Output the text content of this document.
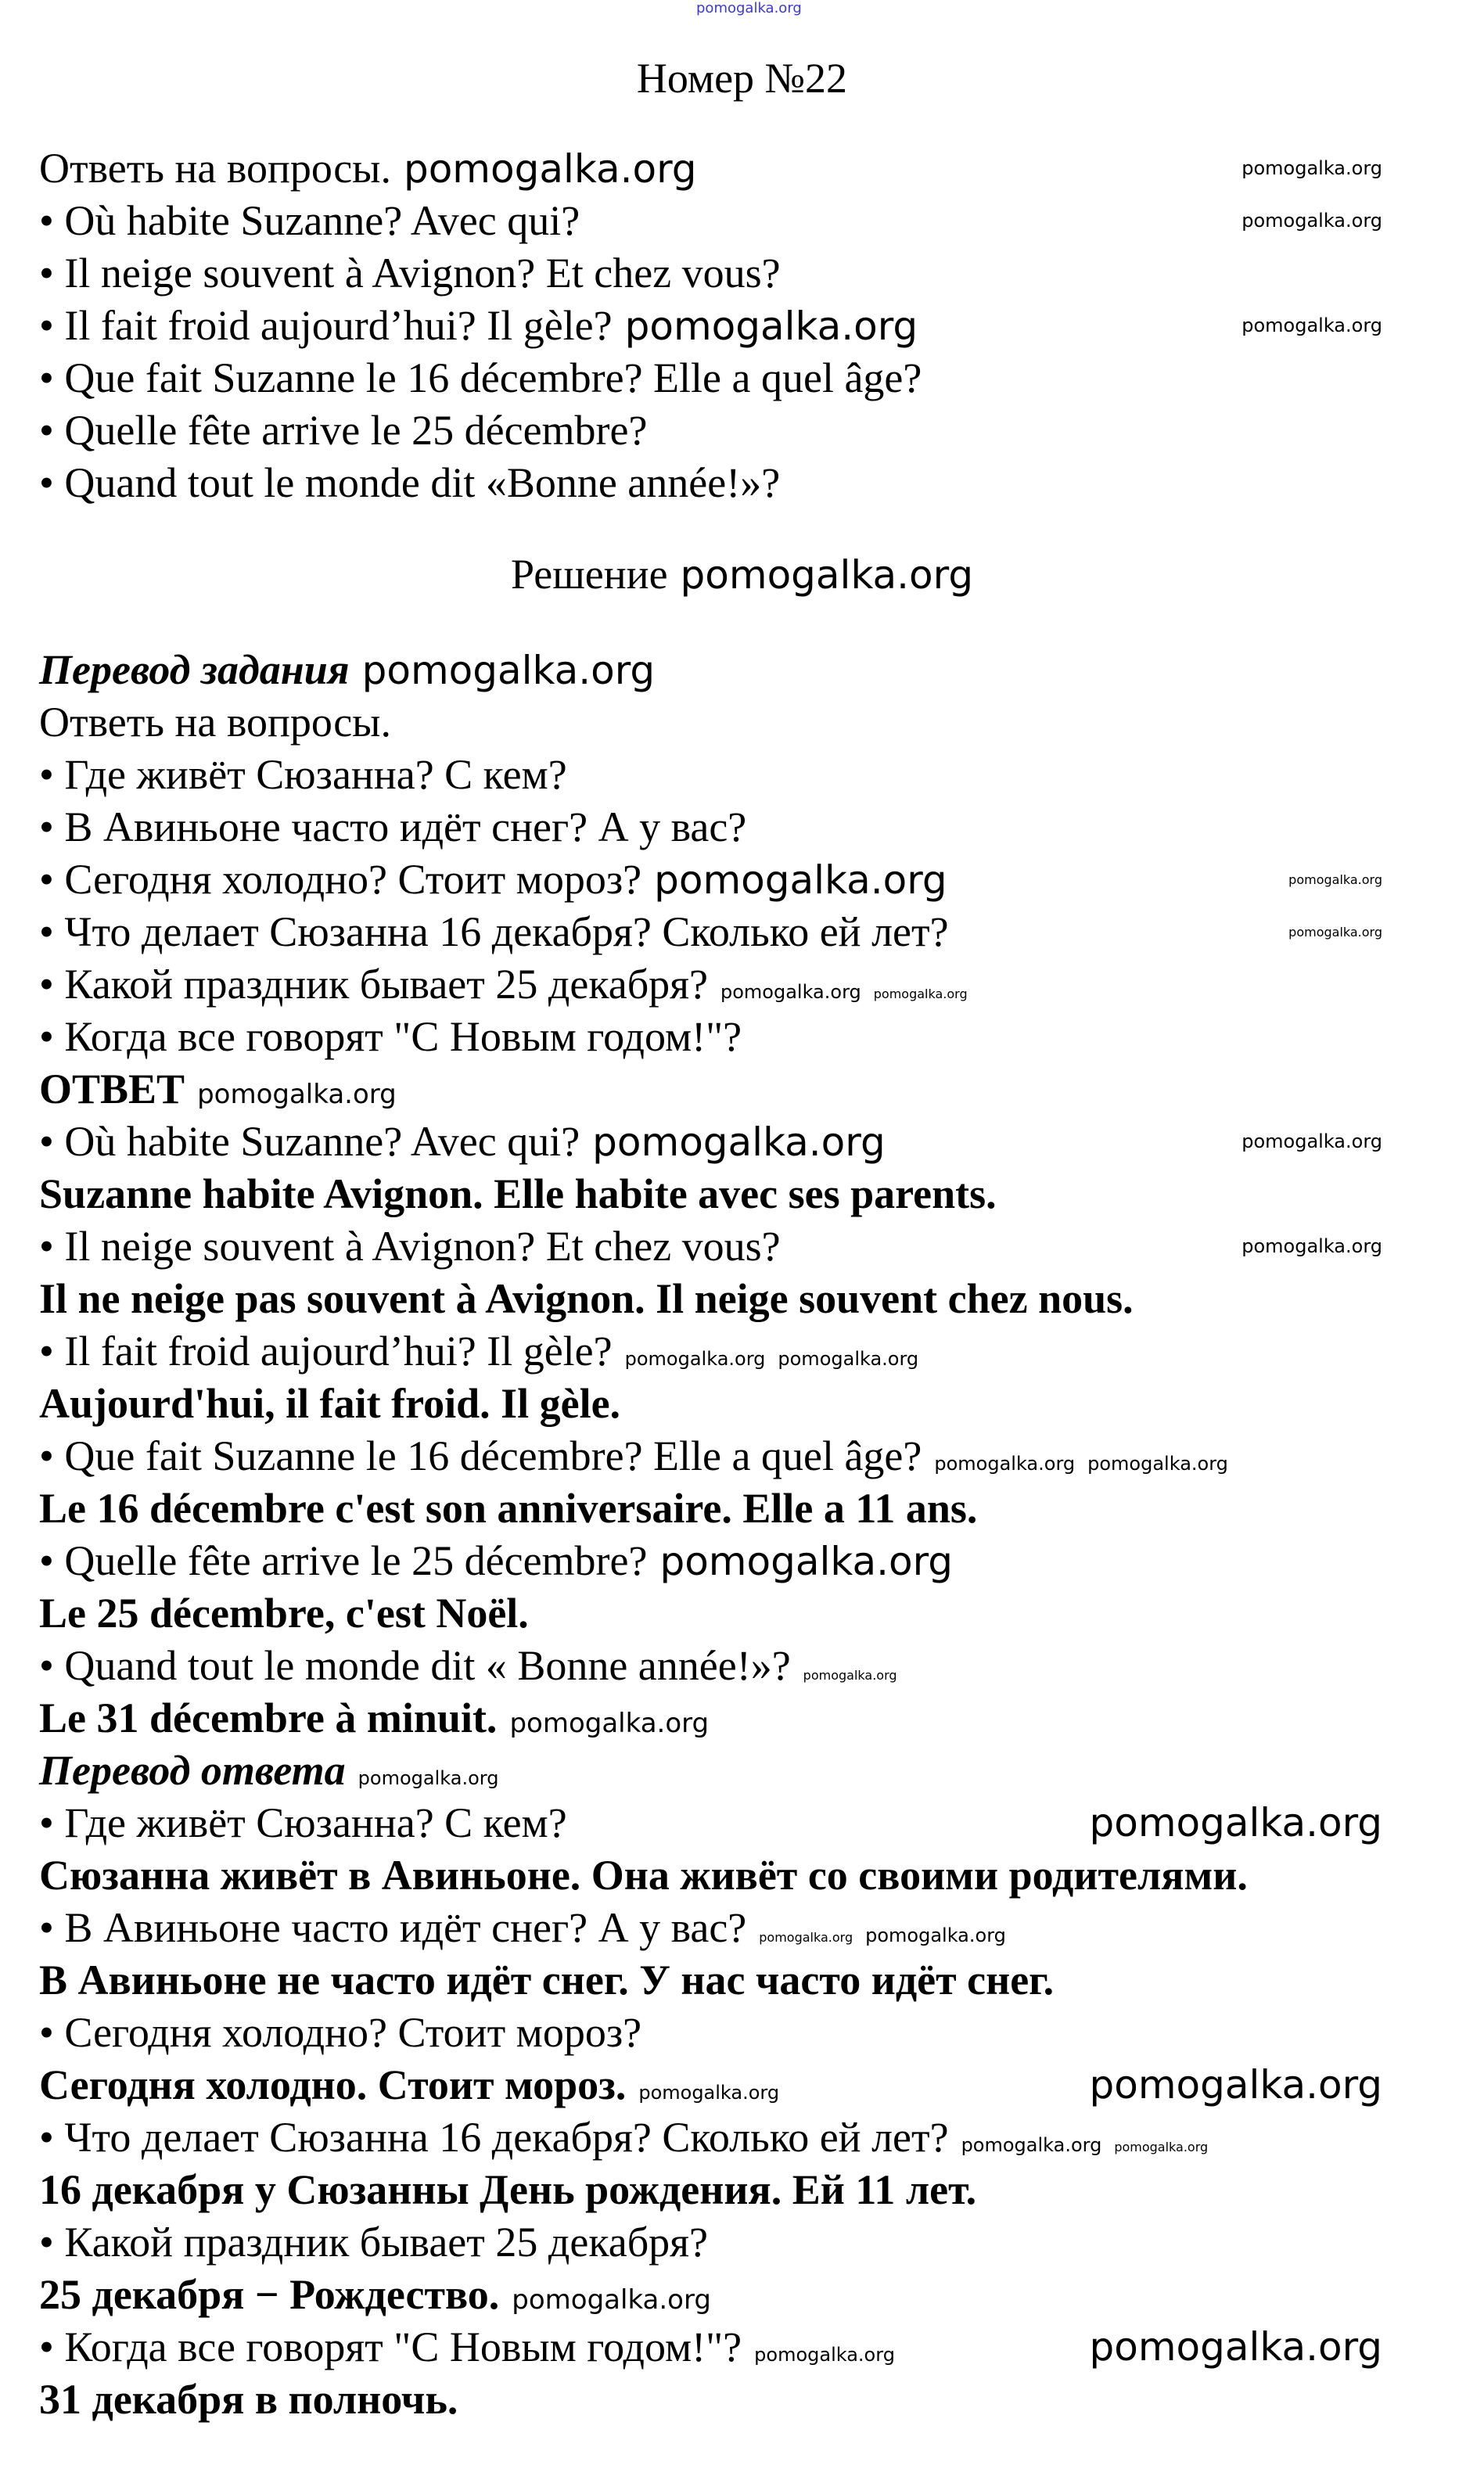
pomogalka.org
Номер №22
Ответь на вопросы. pomogalka.org	pomogalka.org
• Où habite Suzanne? Avec qui?	pomogalka.org
• Il neige souvent à Avignon? Et chez vous?
• Il fait froid aujourd’hui? Il gèle? pomogalka.org	pomogalka.org
• Que fait Suzanne le 16 décembre? Elle a quel âge?
• Quelle fête arrive le 25 décembre?
• Quand tout le monde dit «Bonne année!»?
Решение pomogalka.org
Перевод задания pomogalka.org
Ответь на вопросы.
• Где живёт Сюзанна? С кем?
• В Авиньоне часто идёт снег? А у вас?
• Сегодня холодно? Стоит мороз? pomogalka.org	pomogalka.org
• Что делает Сюзанна 16 декабря? Сколько ей лет?	pomogalka.org
• Какой праздник бывает 25 декабря? pomogalka.org pomogalka.org
• Когда все говорят "С Новым годом!"?
ОТВЕТ pomogalka.org
• Où habite Suzanne? Avec qui? pomogalka.org	pomogalka.org
Suzanne habite Avignon. Elle habite avec ses parents.
• Il neige souvent à Avignon? Et chez vous?	pomogalka.org
Il ne neige pas souvent à Avignon. Il neige souvent chez nous.
• Il fait froid aujourd’hui? Il gèle? pomogalka.org pomogalka.org
Aujourd'hui, il fait froid. Il gèle.
• Que fait Suzanne le 16 décembre? Elle a quel âge? pomogalka.org pomogalka.org
Le 16 décembre c'est son anniversaire. Elle a 11 ans.
• Quelle fête arrive le 25 décembre? pomogalka.org
Le 25 décembre, c'est Noël.
• Quand tout le monde dit « Bonne année!»? pomogalka.org
Le 31 décembre à minuit. pomogalka.org
Перевод ответа pomogalka.org
• Где живёт Сюзанна? С кем?	pomogalka.org
Сюзанна живёт в Авиньоне. Она живёт со своими родителями.
• В Авиньоне часто идёт снег? А у вас? pomogalka.org pomogalka.org
В Авиньоне не часто идёт снег. У нас часто идёт снег.
• Сегодня холодно? Стоит мороз?
Сегодня холодно. Стоит мороз. pomogalka.org	pomogalka.org
• Что делает Сюзанна 16 декабря? Сколько ей лет? pomogalka.org pomogalka.org
16 декабря у Сюзанны День рождения. Ей 11 лет.
• Какой праздник бывает 25 декабря?
25 декабря − Рождество. pomogalka.org
• Когда все говорят "С Новым годом!"? pomogalka.org	pomogalka.org
31 декабря в полночь.
